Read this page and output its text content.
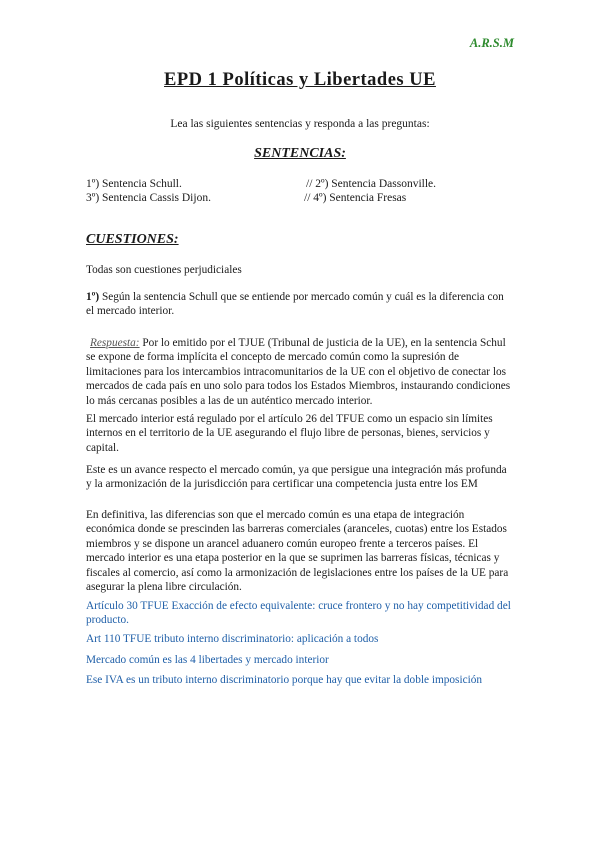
A.R.S.M
EPD 1 Políticas y Libertades UE
Lea las siguientes sentencias y responda a las preguntas:
SENTENCIAS:
1º) Sentencia Schull.	// 2º) Sentencia Dassonville.
3º) Sentencia Cassis Dijon.	// 4º) Sentencia Fresas
CUESTIONES:
Todas son cuestiones perjudiciales
1º) Según la sentencia Schull que se entiende por mercado común y cuál es la diferencia con el mercado interior.
Respuesta: Por lo emitido por el TJUE (Tribunal de justicia de la UE), en la sentencia Schul se expone de forma implícita el concepto de mercado común como la supresión de limitaciones para los intercambios intracomunitarios de la UE con el objetivo de conectar los mercados de cada país en uno solo para todos los Estados Miembros, instaurando condiciones lo más cercanas posibles a las de un auténtico mercado interior.
El mercado interior está regulado por el artículo 26 del TFUE como un espacio sin límites internos en el territorio de la UE asegurando el flujo libre de personas, bienes, servicios y capital.
Este es un avance respecto el mercado común, ya que persigue una integración más profunda y la armonización de la jurisdicción para certificar una competencia justa entre los EM
En definitiva, las diferencias son que el mercado común es una etapa de integración económica donde se prescinden las barreras comerciales (aranceles, cuotas) entre los Estados miembros y se dispone un arancel aduanero común europeo frente a terceros países. El mercado interior es una etapa posterior en la que se suprimen las barreras físicas, técnicas y fiscales al comercio, así como la armonización de legislaciones entre los países de la UE para asegurar la plena libre circulación.
Artículo 30 TFUE Exacción de efecto equivalente: cruce frontero y no hay competitividad del producto.
Art 110 TFUE tributo interno discriminatorio: aplicación a todos
Mercado común es las 4 libertades y mercado interior
Ese IVA es un tributo interno discriminatorio porque hay que evitar la doble imposición
